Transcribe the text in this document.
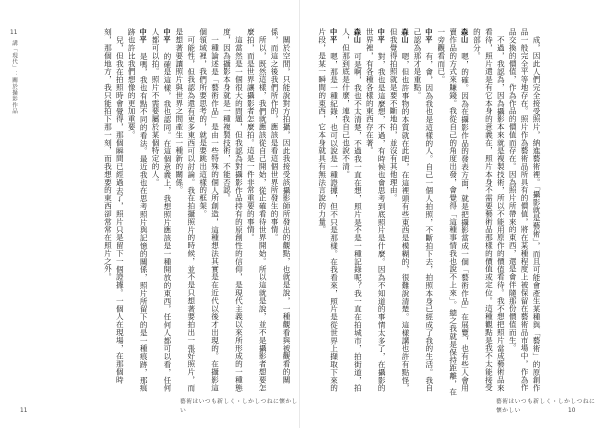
講「現代」：關於攝影作品
11

關於空間，只能說對方拍攝，因此我接受該攝影師所發出的觀點，也就是說，一種觀看與被觀看的關係，而這之後我們所作的，應該是看這個世界所發生的事情。

所以，既然這樣，我們就應該從自己開始，從正確看待世界開始。所以這就是說，並不是攝影者想要怎麼拍，而是世界讓攝影者怎麼拍。這是一件非常重要的事情。

這當然是一個很大的問題，但我認為對攝影作品持有的原創性的信仰，是現代主義以來所形成的一種態度，因為攝影本身就是一種複製技術，不能否認。

一種論述是「藝術作品」是由一些特殊的個人所創造，這種想法其實是在近代以後才出現的。在攝影這個領域裡，我們所要思考的，就是要跳出這樣的框架。

可能性，但我認為還有更多東西可以討論。我在拍攝照片的時候，並不是只想著要拍出一張好照片，而是想著要讓照片與世界之間產生一種新的關係。

中平的確是這樣，我也認同。在這個意義上，我想照片應該是一種開放的東西，任何人都可以看，任何人都可以拍。照片不需要屬於某個特定的人。

中平是嗎，我也有點不同的看法。最近我也在思考照片與記憶的關係，照片所留下的是一種痕跡，那痕跡也許比我們想像的更加重要。

兒，但我在拍照時會覺得，那個瞬間已經過去了，照片只是留下一個證據。一個人在現場，在那個時刻，那個地方，我只能拍下那一刻，而我想要的東西卻常常在照片之外。

藝術はいつも新しく・しかしつねに懷かしい
11

成，因此人們完全接受照片，納進藝術裡。「攝影就是藝術」，而且可能會產生某種與「藝術」的原創作品一般完全平等地存在。照片作為藝術品所具有的價值，將在某種程度上被保留在藝術品市場中，作為作品交換的價值，作為作品的價值而存在。因為照片所帶來的東西，還是會伴隨那份價值而生。

不過，我認為，因為攝影本來就是複製技術，所以不能用原作的價值看待。我不想把照片當成藝術品來看待，照片還是有它本身的意義在，照片本身不需要藝術品那樣的價值或定位。這種觀點是我不太能接受的部分。

森山嗯，的確。因為在攝影作品的發表方面，就是把攝影當成一個「藝術作品」在展覽，也有些人會用賣作品的方式來賺錢。我從自己的角度出發，會覺得「這種事情我也說不上來」。總之我就是保持距離，在一旁觀看而已。

中平有，會，因為我也是這樣的人。自己一個人拍照，不斷拍下去，拍照本身已經成了我的生活。我自己認為那才是重點。

森山嗯，但也許事物的本質就在此吧，在這裡頭有些東西是模糊的，很難說清楚。這樣講也許有點怪，但我覺得拍照就是要不斷地拍，並沒有其他理由。

中平對，我也是這麼想，不過，有時候也會思考到底照片是什麼。因為不知道的事情太多了，在攝影的世界裡，有各種各樣的東西存在著。

森山可是啊，我也不太清楚，不過我一直在想，照片是不是一種記錄呢？我一直在拍城市，拍街道，拍人，但那到底是什麼，連我自己也說不清。

中平嗯，那是一種紀錄，也可以說是一種證據，但不只是那樣。在我看來，照片是從世界上擷取下來的片段，是某一瞬間的東西，它本身就具有無法言說的力量。

藝術はいつも新しく・しかしつねに懷かしい	10
